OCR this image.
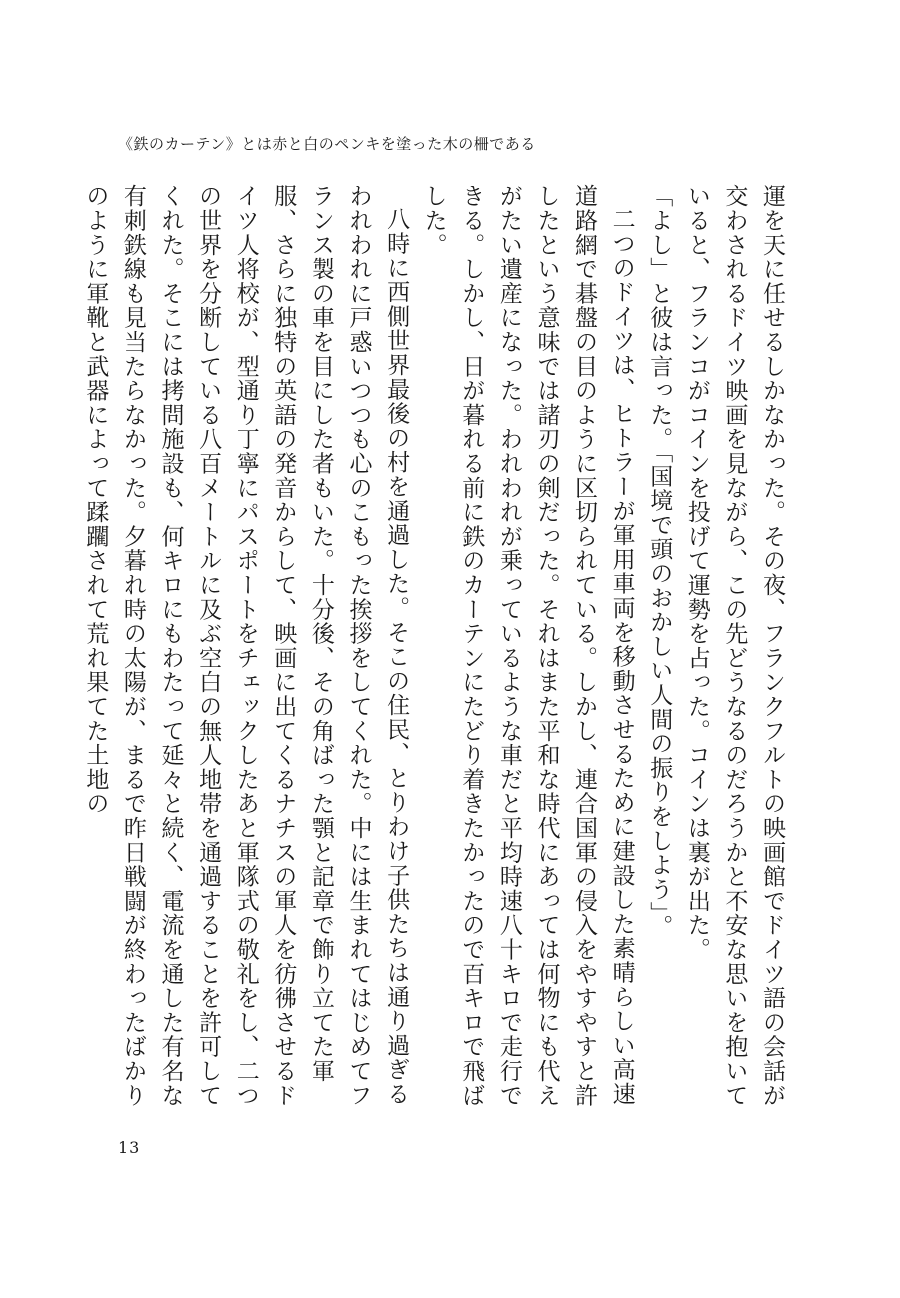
《鉄のカーテン》とは赤と白のペンキを塗った木の柵である

運を天に任せるしかなかった。その夜、フランクフルトの映画館でドイツ語の会話が交わされるドイツ映画を見ながら、この先どうなるのだろうかと不安な思いを抱いていると、フランコがコインを投げて運勢を占った。コインは裏が出た。

「よし」と彼は言った。「国境で頭のおかしい人間の振りをしよう」。

二つのドイツは、ヒトラーが軍用車両を移動させるために建設した素晴らしい高速道路網で碁盤の目のように区切られている。しかし、連合国軍の侵入をやすやすと許したという意味では諸刃の剣だった。それはまた平和な時代にあっては何物にも代えがたい遺産になった。われわれが乗っているような車だと平均時速八十キロで走行できる。しかし、日が暮れる前に鉄のカーテンにたどり着きたかったので百キロで飛ばした。

八時に西側世界最後の村を通過した。そこの住民、とりわけ子供たちは通り過ぎるわれわれに戸惑いつつも心のこもった挨拶をしてくれた。中には生まれてはじめてフランス製の車を目にした者もいた。十分後、その角ばった顎と記章で飾り立てた軍服、さらに独特の英語の発音からして、映画に出てくるナチスの軍人を彷彿させるドイツ人将校が、型通り丁寧にパスポートをチェックしたあと軍隊式の敬礼をし、二つの世界を分断している八百メートルに及ぶ空白の無人地帯を通過することを許可してくれた。そこには拷問施設も、何キロにもわたって延々と続く、電流を通した有名な有刺鉄線も見当たらなかった。夕暮れ時の太陽が、まるで昨日戦闘が終わったばかりのように軍靴と武器によって蹂躙されて荒れ果てた土地の

13
